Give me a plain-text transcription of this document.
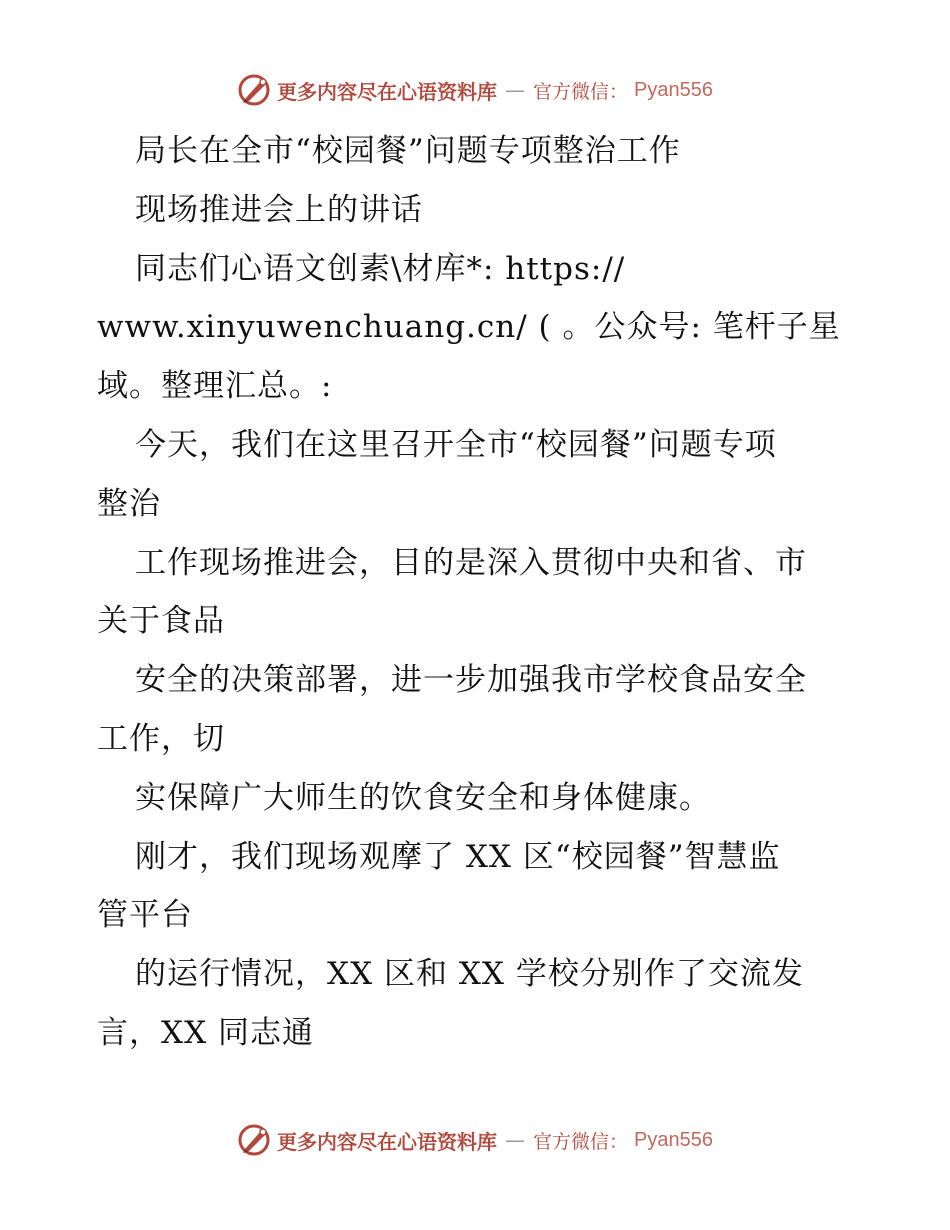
更多内容尽在心语资料库 — 官方微信： Pyan556
局长在全市“校园餐”问题专项整治工作
现场推进会上的讲话
同志们心语文创素\材库*: https://
www.xinyuwenchuang.cn/ ( 。公众号: 笔杆子星
域。整理汇总。:
今天，我们在这里召开全市“校园餐”问题专项
整治
工作现场推进会，目的是深入贯彻中央和省、市
关于食品
安全的决策部署，进一步加强我市学校食品安全
工作，切
实保障广大师生的饮食安全和身体健康。
刚才，我们现场观摩了 XX 区“校园餐”智慧监
管平台
的运行情况，XX 区和 XX 学校分别作了交流发
言，XX 同志通
更多内容尽在心语资料库 — 官方微信： Pyan556
